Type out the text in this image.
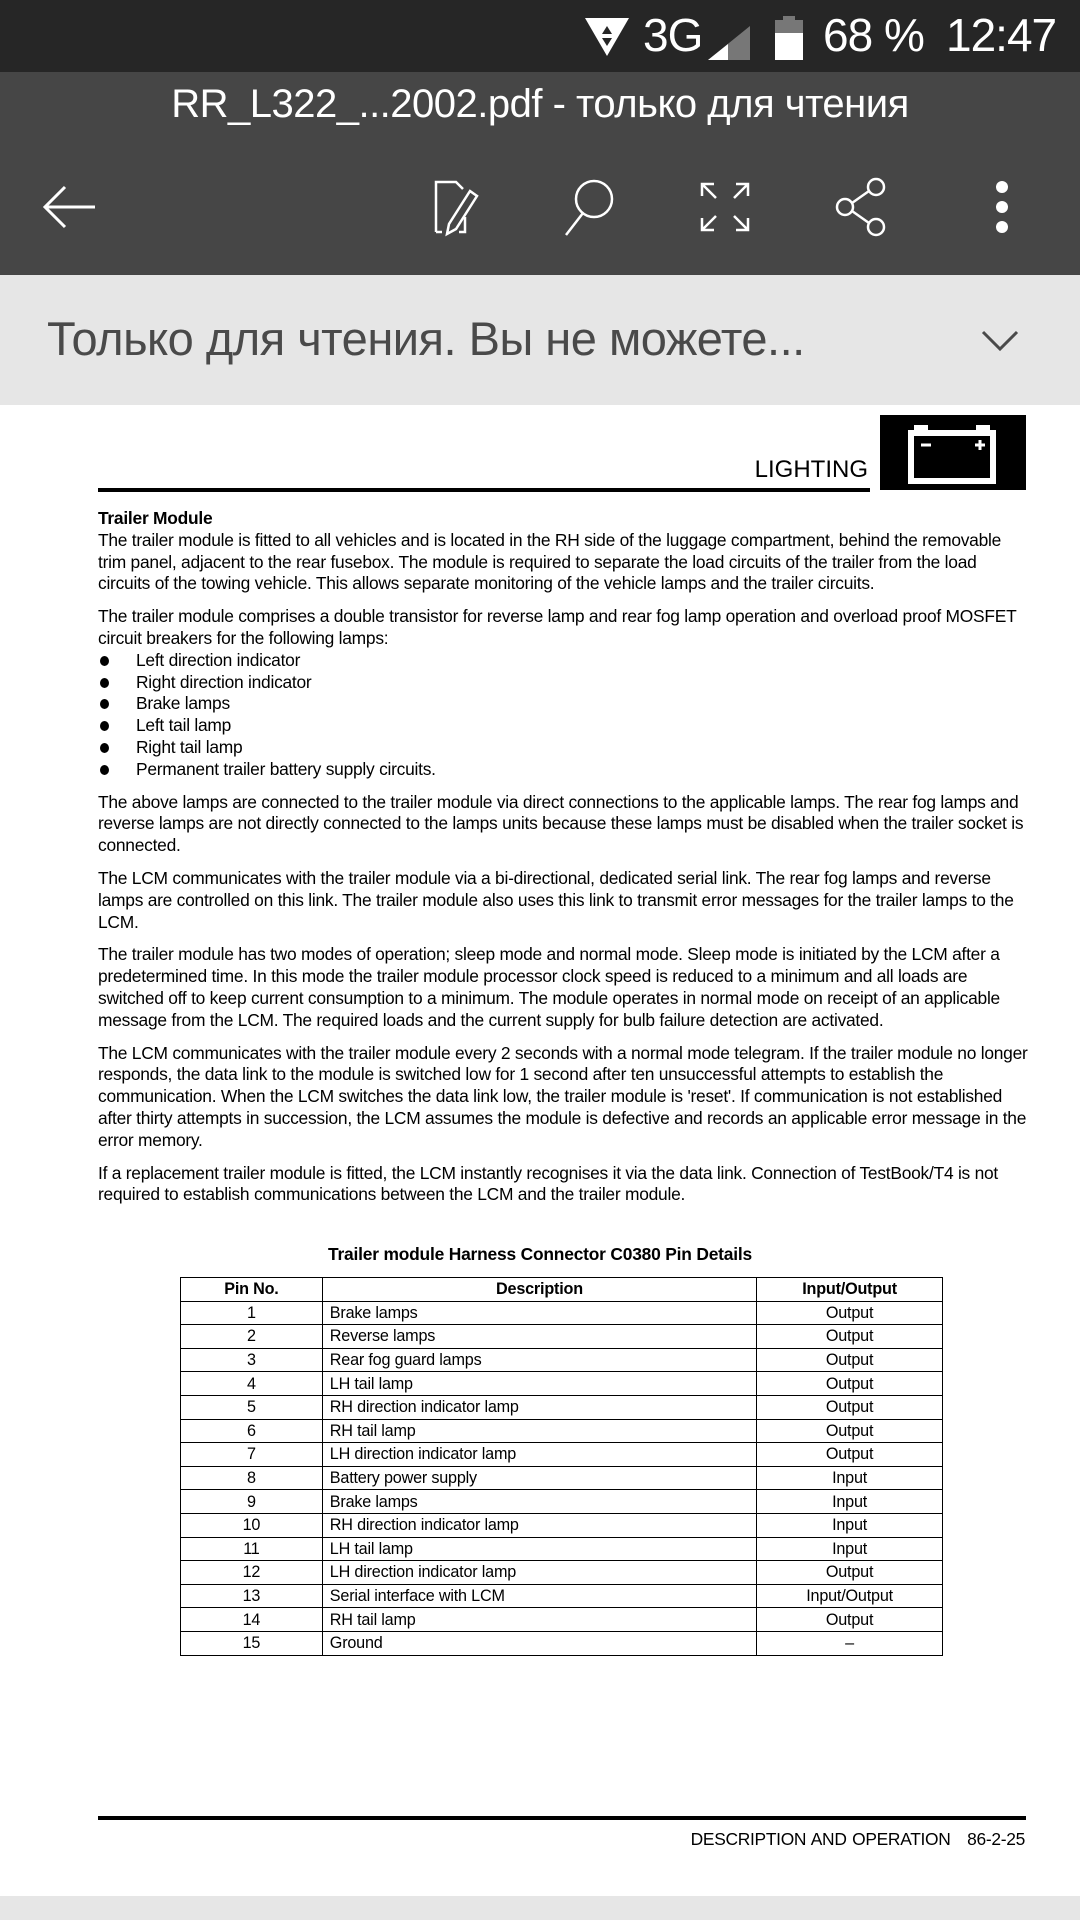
3G	68 % 12:47
RR_L322_...2002.pdf - только для чтения
Только для чтения. Вы не можете...
LIGHTING
Trailer Module

The trailer module is fitted to all vehicles and is located in the RH side of the luggage compartment, behind the removable trim panel, adjacent to the rear fusebox. The module is required to separate the load circuits of the trailer from the load circuits of the towing vehicle. This allows separate monitoring of the vehicle lamps and the trailer circuits.

The trailer module comprises a double transistor for reverse lamp and rear fog lamp operation and overload proof MOSFET circuit breakers for the following lamps:

Left direction indicator
Right direction indicator
Brake lamps
Left tail lamp
Right tail lamp
Permanent trailer battery supply circuits.

The above lamps are connected to the trailer module via direct connections to the applicable lamps. The rear fog lamps and reverse lamps are not directly connected to the lamps units because these lamps must be disabled when the trailer socket is connected.

The LCM communicates with the trailer module via a bi-directional, dedicated serial link. The rear fog lamps and reverse lamps are controlled on this link. The trailer module also uses this link to transmit error messages for the trailer lamps to the LCM.

The trailer module has two modes of operation; sleep mode and normal mode. Sleep mode is initiated by the LCM after a predetermined time. In this mode the trailer module processor clock speed is reduced to a minimum and all loads are switched off to keep current consumption to a minimum. The module operates in normal mode on receipt of an applicable message from the LCM. The required loads and the current supply for bulb failure detection are activated.

The LCM communicates with the trailer module every 2 seconds with a normal mode telegram. If the trailer module no longer responds, the data link to the module is switched low for 1 second after ten unsuccessful attempts to establish the communication. When the LCM switches the data link low, the trailer module is 'reset'. If communication is not established after thirty attempts in succession, the LCM assumes the module is defective and records an applicable error message in the error memory.

If a replacement trailer module is fitted, the LCM instantly recognises it via the data link. Connection of TestBook/T4 is not required to establish communications between the LCM and the trailer module.

Trailer module Harness Connector C0380 Pin Details
Pin No.	Description	Input/Output
1	Brake lamps	Output
2	Reverse lamps	Output
3	Rear fog guard lamps	Output
4	LH tail lamp	Output
5	RH direction indicator lamp	Output
6	RH tail lamp	Output
7	LH direction indicator lamp	Output
8	Battery power supply	Input
9	Brake lamps	Input
10	RH direction indicator lamp	Input
11	LH tail lamp	Input
12	LH direction indicator lamp	Output
13	Serial interface with LCM	Input/Output
14	RH tail lamp	Output
15	Ground	–
DESCRIPTION AND OPERATION 86-2-25
